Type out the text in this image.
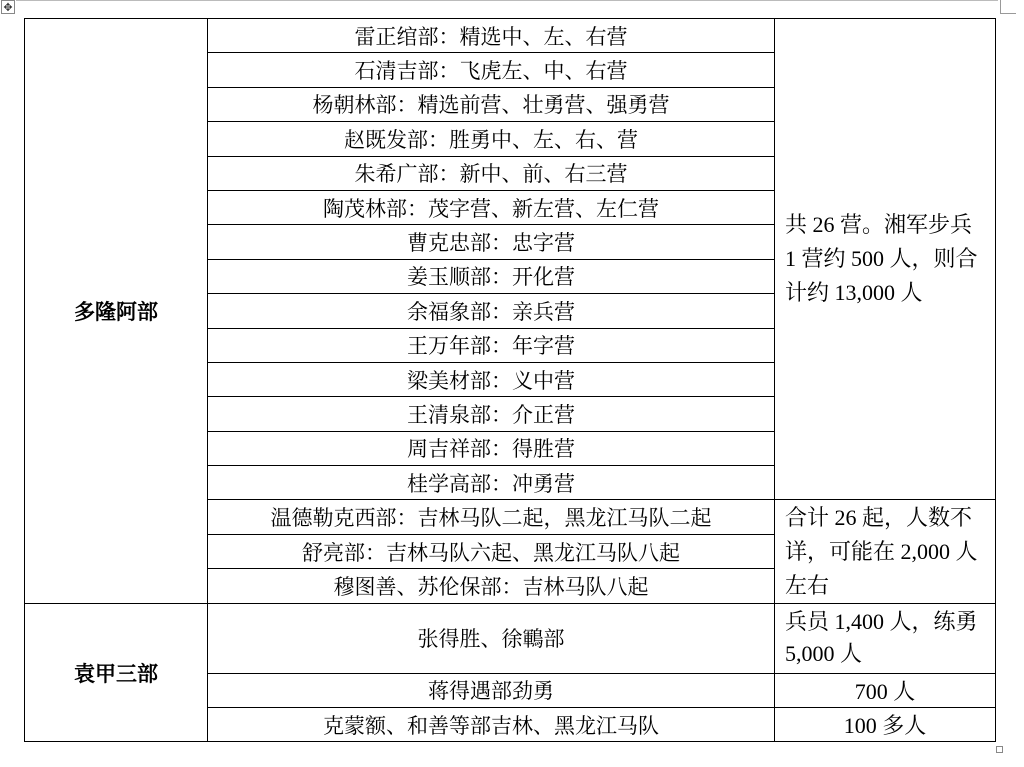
✥
多隆阿部	雷正绾部：精选中、左、右营	共 26 营。湘军步兵 1 营约 500 人，则合计约 13,000 人
	石清吉部：飞虎左、中、右营	
	杨朝林部：精选前营、壮勇营、强勇营	
	赵既发部：胜勇中、左、右、营	
	朱希广部：新中、前、右三营	
	陶茂林部：茂字营、新左营、左仁营	
	曹克忠部：忠字营	
	姜玉顺部：开化营	
	余福象部：亲兵营	
	王万年部：年字营	
	梁美材部：义中营	
	王清泉部：介正营	
	周吉祥部：得胜营	
	桂学高部：冲勇营	
	温德勒克西部：吉林马队二起，黑龙江马队二起	合计 26 起，人数不详，可能在 2,000 人左右
	舒亮部：吉林马队六起、黑龙江马队八起	
	穆图善、苏伦保部：吉林马队八起	
袁甲三部	张得胜、徐鶤部	兵员 1,400 人，练勇 5,000 人
	蒋得遇部劲勇	700 人
	克蒙额、和善等部吉林、黑龙江马队	100 多人
